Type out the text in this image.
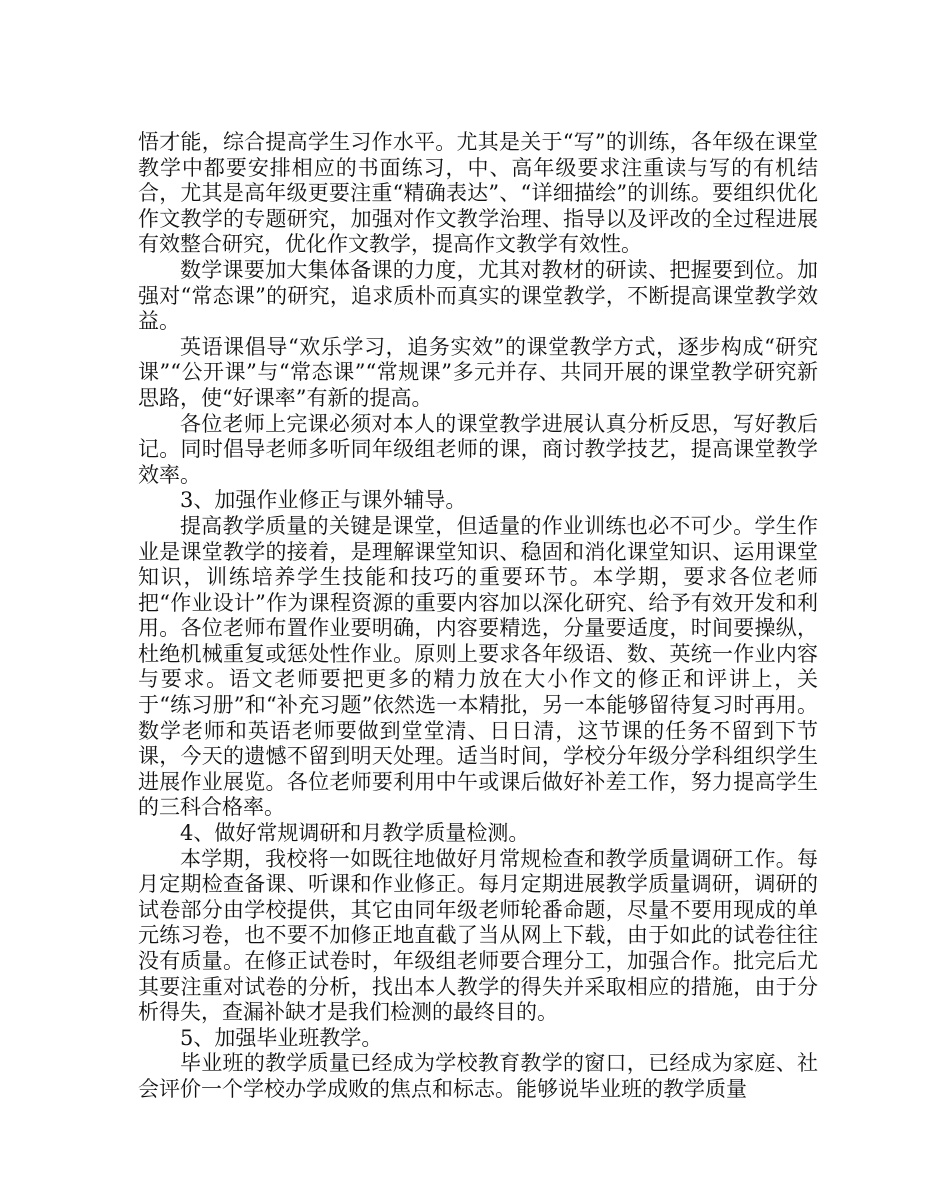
悟才能，综合提高学生习作水平。尤其是关于“写”的训练，各年级在课堂教学中都要安排相应的书面练习，中、高年级要求注重读与写的有机结合，尤其是高年级更要注重“精确表达”、“详细描绘”的训练。要组织优化作文教学的专题研究，加强对作文教学治理、指导以及评改的全过程进展有效整合研究，优化作文教学，提高作文教学有效性。

数学课要加大集体备课的力度，尤其对教材的研读、把握要到位。加强对“常态课”的研究，追求质朴而真实的课堂教学，不断提高课堂教学效益。

英语课倡导“欢乐学习，追务实效”的课堂教学方式，逐步构成“研究课”“公开课”与“常态课”“常规课”多元并存、共同开展的课堂教学研究新思路，使“好课率”有新的提高。

各位老师上完课必须对本人的课堂教学进展认真分析反思，写好教后记。同时倡导老师多听同年级组老师的课，商讨教学技艺，提高课堂教学效率。

3、加强作业修正与课外辅导。

提高教学质量的关键是课堂，但适量的作业训练也必不可少。学生作业是课堂教学的接着，是理解课堂知识、稳固和消化课堂知识、运用课堂知识，训练培养学生技能和技巧的重要环节。本学期，要求各位老师把“作业设计”作为课程资源的重要内容加以深化研究、给予有效开发和利用。各位老师布置作业要明确，内容要精选，分量要适度，时间要操纵，杜绝机械重复或惩处性作业。原则上要求各年级语、数、英统一作业内容与要求。语文老师要把更多的精力放在大小作文的修正和评讲上，关于“练习册”和“补充习题”依然选一本精批，另一本能够留待复习时再用。数学老师和英语老师要做到堂堂清、日日清，这节课的任务不留到下节课，今天的遗憾不留到明天处理。适当时间，学校分年级分学科组织学生进展作业展览。各位老师要利用中午或课后做好补差工作，努力提高学生的三科合格率。

4、做好常规调研和月教学质量检测。

本学期，我校将一如既往地做好月常规检查和教学质量调研工作。每月定期检查备课、听课和作业修正。每月定期进展教学质量调研，调研的试卷部分由学校提供，其它由同年级老师轮番命题，尽量不要用现成的单元练习卷，也不要不加修正地直截了当从网上下载，由于如此的试卷往往没有质量。在修正试卷时，年级组老师要合理分工，加强合作。批完后尤其要注重对试卷的分析，找出本人教学的得失并采取相应的措施，由于分析得失，查漏补缺才是我们检测的最终目的。

5、加强毕业班教学。

毕业班的教学质量已经成为学校教育教学的窗口，已经成为家庭、社会评价一个学校办学成败的焦点和标志。能够说毕业班的教学质量
